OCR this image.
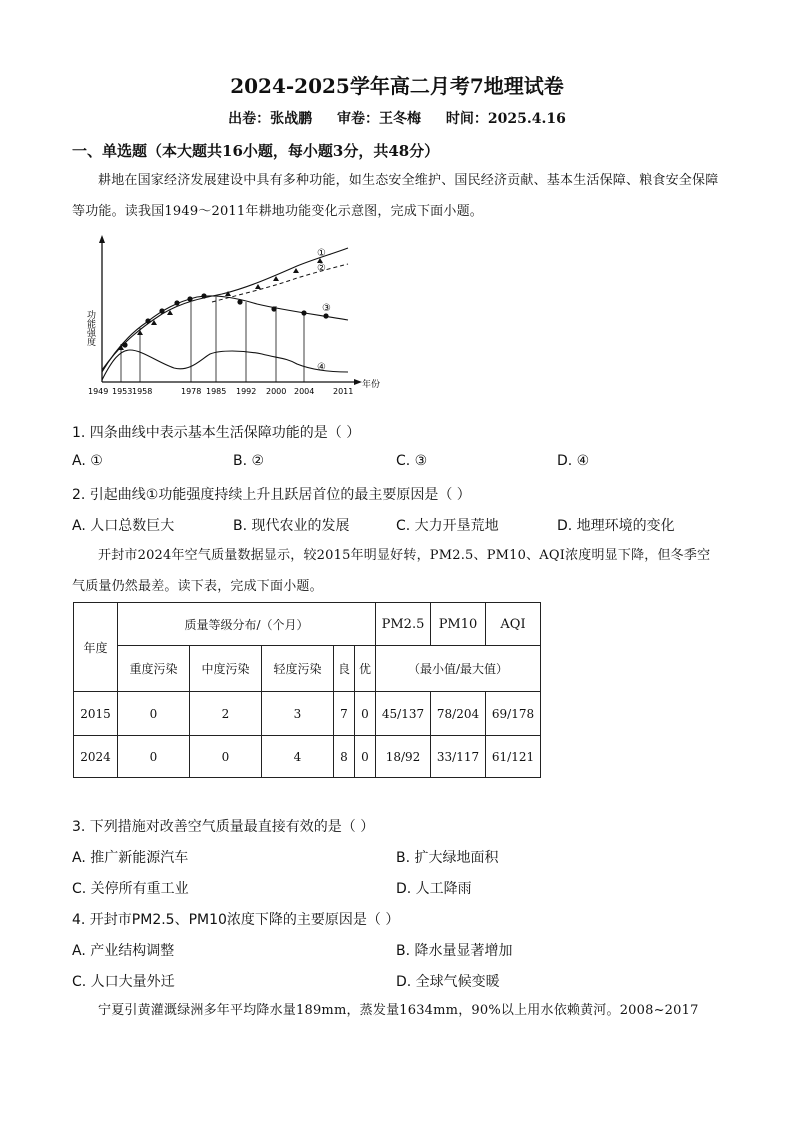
2024-2025学年高二月考7地理试卷
出卷：张战鹏 审卷：王冬梅 时间：2025.4.16
一、单选题（本大题共16小题，每小题3分，共48分）
耕地在国家经济发展建设中具有多种功能，如生态安全维护、国民经济贡献、基本生活保障、粮食安全保障等功能。读我国1949～2011年耕地功能变化示意图，完成下面小题。
功能强度
年份
1949 1953 1958	1978 1985 1992 2000 2004 2011
①
②
③
④
1. 四条曲线中表示基本生活保障功能的是（ ）
A. ①	B. ②	C. ③	D. ④
2. 引起曲线①功能强度持续上升且跃居首位的最主要原因是（ ）
A. 人口总数巨大	B. 现代农业的发展	C. 大力开垦荒地	D. 地理环境的变化
开封市2024年空气质量数据显示，较2015年明显好转，PM2.5、PM10、AQI浓度明显下降，但冬季空气质量仍然最差。读下表，完成下面小题。
年度	质量等级分布/（个月）					PM2.5	PM10	AQI
	重度污染	中度污染	轻度污染	良	优	（最小值/最大值）		
2015	0	2	3	7	0	45/137	78/204	69/178
2024	0	0	4	8	0	18/92	33/117	61/121
3. 下列措施对改善空气质量最直接有效的是（ ）
A. 推广新能源汽车	B. 扩大绿地面积
C. 关停所有重工业	D. 人工降雨
4. 开封市PM2.5、PM10浓度下降的主要原因是（ ）
A. 产业结构调整	B. 降水量显著增加
C. 人口大量外迁	D. 全球气候变暖
宁夏引黄灌溉绿洲多年平均降水量189mm，蒸发量1634mm，90%以上用水依赖黄河。2008~2017
